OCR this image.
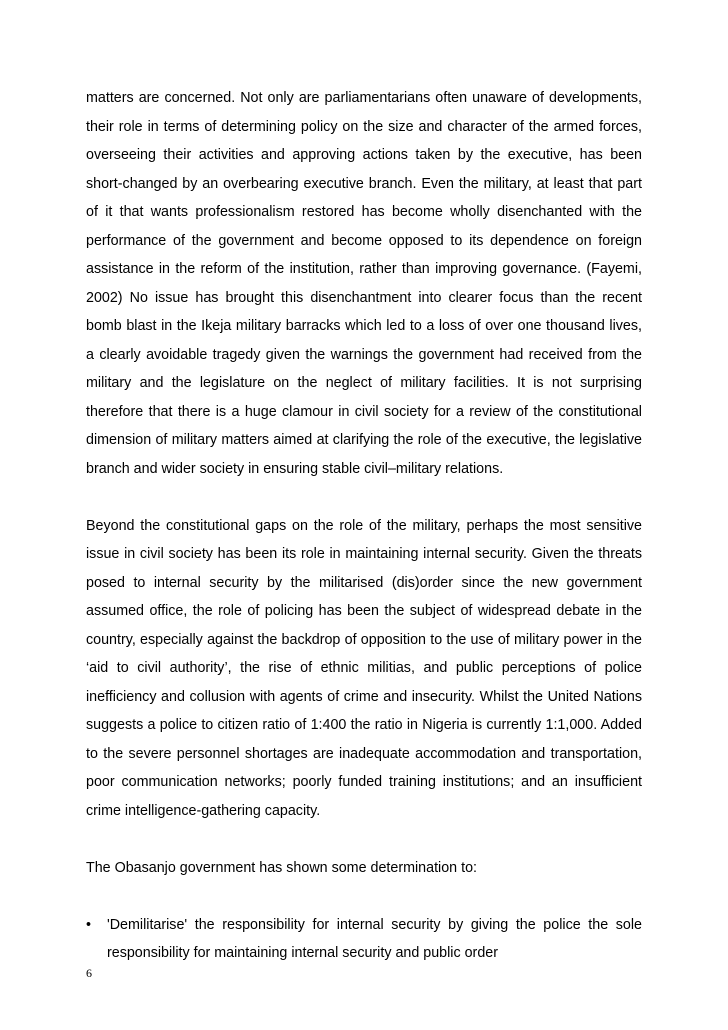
matters are concerned. Not only are parliamentarians often unaware of developments, their role in terms of determining policy on the size and character of the armed forces, overseeing their activities and approving actions taken by the executive, has been short-changed by an overbearing executive branch. Even the military, at least that part of it that wants professionalism restored has become wholly disenchanted with the performance of the government and become opposed to its dependence on foreign assistance in the reform of the institution, rather than improving governance. (Fayemi, 2002) No issue has brought this disenchantment into clearer focus than the recent bomb blast in the Ikeja military barracks which led to a loss of over one thousand lives, a clearly avoidable tragedy given the warnings the government had received from the military and the legislature on the neglect of military facilities. It is not surprising therefore that there is a huge clamour in civil society for a review of the constitutional dimension of military matters aimed at clarifying the role of the executive, the legislative branch and wider society in ensuring stable civil–military relations.

Beyond the constitutional gaps on the role of the military, perhaps the most sensitive issue in civil society has been its role in maintaining internal security. Given the threats posed to internal security by the militarised (dis)order since the new government assumed office, the role of policing has been the subject of widespread debate in the country, especially against the backdrop of opposition to the use of military power in the ‘aid to civil authority’, the rise of ethnic militias, and public perceptions of police inefficiency and collusion with agents of crime and insecurity. Whilst the United Nations suggests a police to citizen ratio of 1:400 the ratio in Nigeria is currently 1:1,000. Added to the severe personnel shortages are inadequate accommodation and transportation, poor communication networks; poorly funded training institutions; and an insufficient crime intelligence-gathering capacity.

The Obasanjo government has shown some determination to:

• 'Demilitarise' the responsibility for internal security by giving the police the sole responsibility for maintaining internal security and public order
6
